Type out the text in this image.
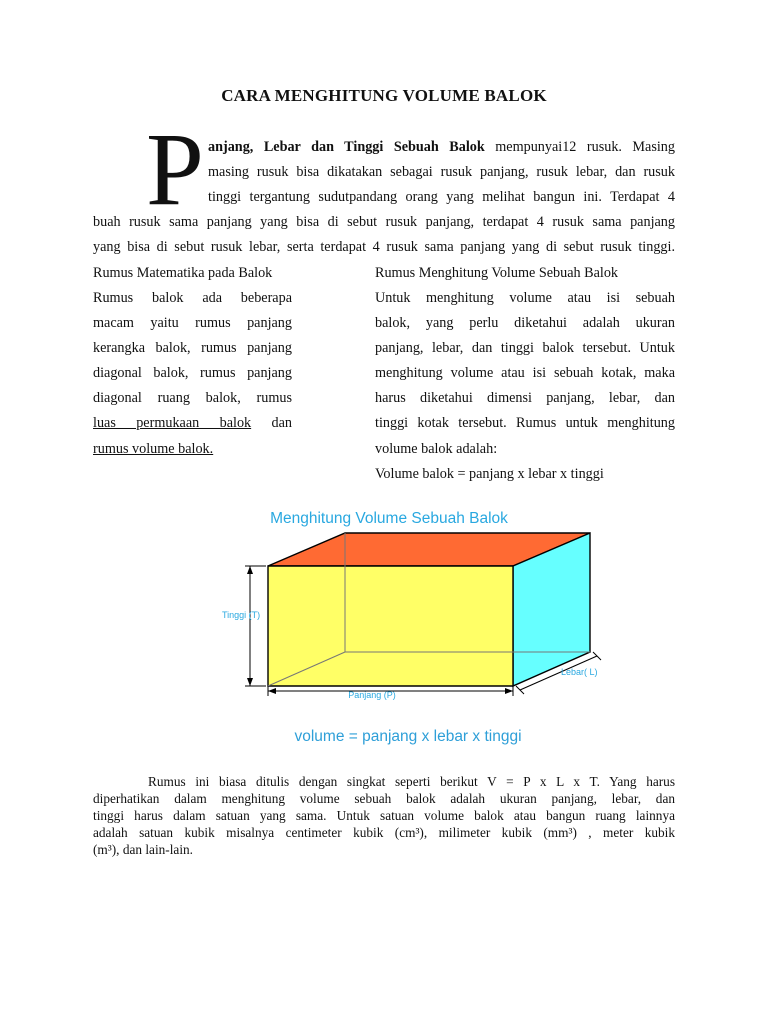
CARA MENGHITUNG VOLUME BALOK
P anjang, Lebar dan Tinggi Sebuah Balok mempunyai12 rusuk. Masing
masing rusuk bisa dikatakan sebagai rusuk panjang, rusuk lebar, dan rusuk
tinggi tergantung sudutpandang orang yang melihat bangun ini. Terdapat 4
buah rusuk sama panjang yang bisa di sebut rusuk panjang, terdapat 4 rusuk sama panjang
yang bisa di sebut rusuk lebar, serta terdapat 4 rusuk sama panjang yang di sebut rusuk tinggi.
Rumus Matematika pada Balok
Rumus balok ada beberapa
macam yaitu rumus panjang
kerangka balok, rumus panjang
diagonal balok, rumus panjang
diagonal ruang balok, rumus
luas permukaan balok dan
rumus volume balok.
Rumus Menghitung Volume Sebuah Balok
Untuk menghitung volume atau isi sebuah
balok, yang perlu diketahui adalah ukuran
panjang, lebar, dan tinggi balok tersebut. Untuk
menghitung volume atau isi sebuah kotak, maka
harus diketahui dimensi panjang, lebar, dan
tinggi kotak tersebut. Rumus untuk menghitung
volume balok adalah:
Volume balok = panjang x lebar x tinggi
Menghitung Volume Sebuah Balok
Tinggi (T)
Lebar( L)
Panjang (P)
volume = panjang x lebar x tinggi
Rumus ini biasa ditulis dengan singkat seperti berikut V = P x L x T. Yang harus
diperhatikan dalam menghitung volume sebuah balok adalah ukuran panjang, lebar, dan
tinggi harus dalam satuan yang sama. Untuk satuan volume balok atau bangun ruang lainnya
adalah satuan kubik misalnya centimeter kubik (cm³), milimeter kubik (mm³) , meter kubik
(m³), dan lain-lain.
